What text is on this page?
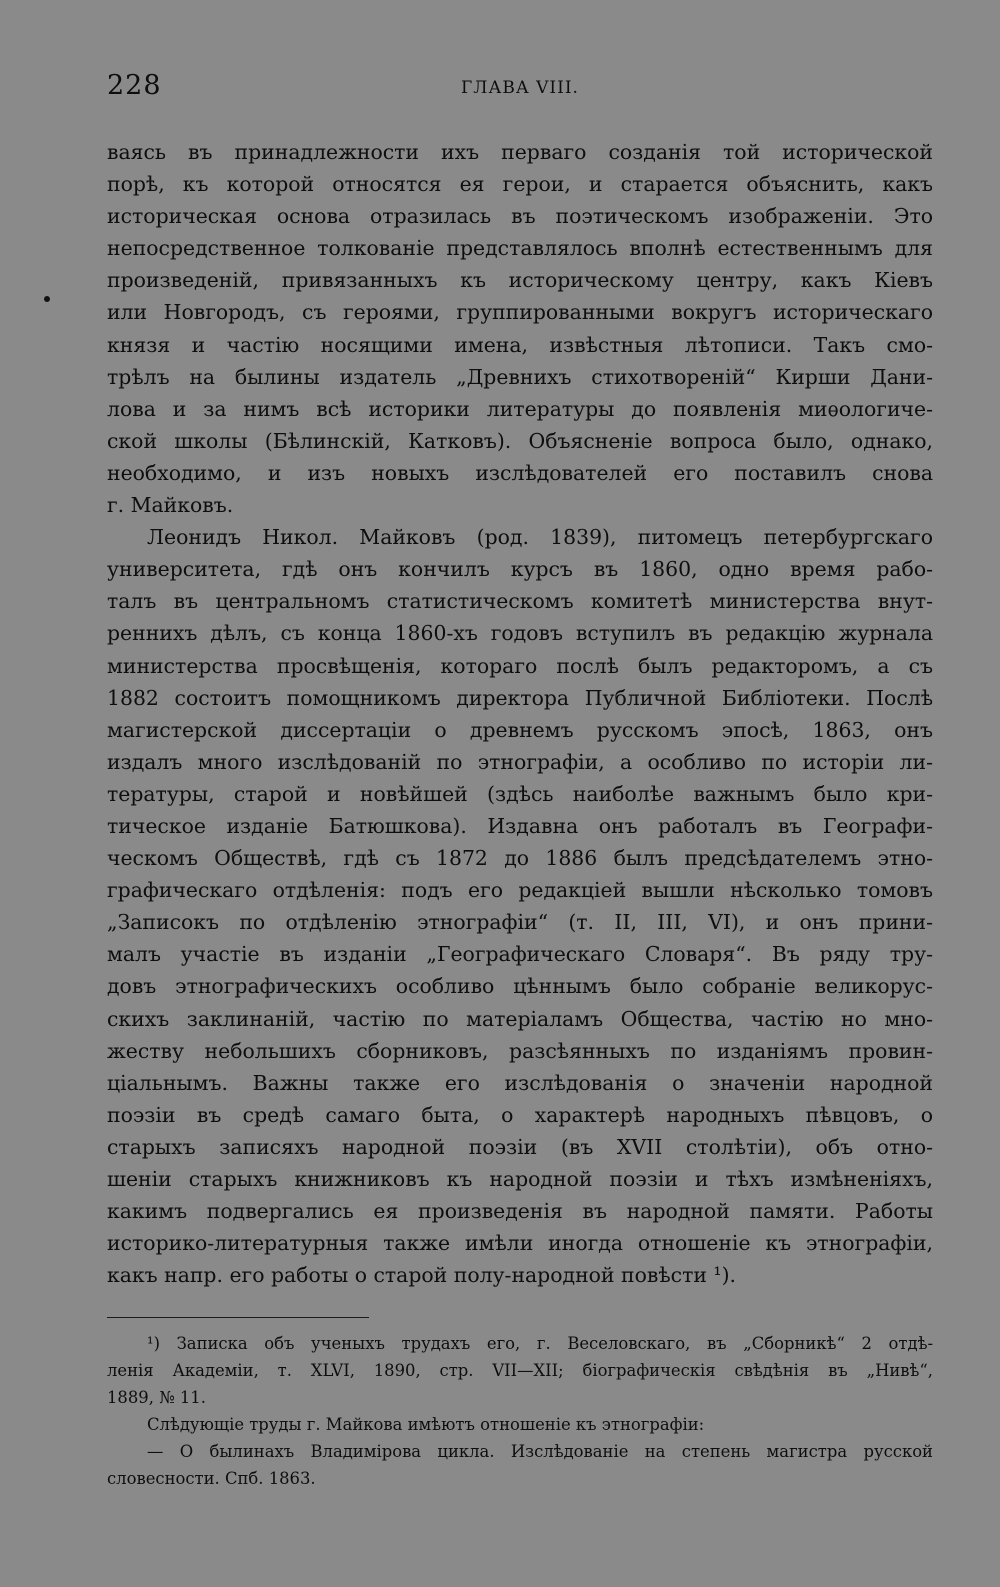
228	ГЛАВА VIII.
ваясь въ принадлежности ихъ перваго созданія той исторической
порѣ, къ которой относятся ея герои, и старается объяснить, какъ
историческая основа отразилась въ поэтическомъ изображеніи. Это
непосредственное толкованіе представлялось вполнѣ естественнымъ для
произведеній, привязанныхъ къ историческому центру, какъ Кіевъ
или Новгородъ, съ героями, группированными вокругъ историческаго
князя и частію носящими имена, извѣстныя лѣтописи. Такъ смо-
трѣлъ на былины издатель „Древнихъ стихотвореній“ Кирши Дани-
лова и за нимъ всѣ историки литературы до появленія миѳологиче-
ской школы (Бѣлинскій, Катковъ). Объясненіе вопроса было, однако,
необходимо, и изъ новыхъ изслѣдователей его поставилъ снова
г. Майковъ.
Леонидъ Никол. Майковъ (род. 1839), питомецъ петербургскаго
университета, гдѣ онъ кончилъ курсъ въ 1860, одно время рабо-
талъ въ центральномъ статистическомъ комитетѣ министерства внут-
реннихъ дѣлъ, съ конца 1860-хъ годовъ вступилъ въ редакцію журнала
министерства просвѣщенія, котораго послѣ былъ редакторомъ, а съ
1882 состоитъ помощникомъ директора Публичной Библіотеки. Послѣ
магистерской диссертаціи о древнемъ русскомъ эпосѣ, 1863, онъ
издалъ много изслѣдованій по этнографіи, а особливо по исторіи ли-
тературы, старой и новѣйшей (здѣсь наиболѣе важнымъ было кри-
тическое изданіе Батюшкова). Издавна онъ работалъ въ Географи-
ческомъ Обществѣ, гдѣ съ 1872 до 1886 былъ предсѣдателемъ этно-
графическаго отдѣленія: подъ его редакціей вышли нѣсколько томовъ
„Записокъ по отдѣленію этнографіи“ (т. II, III, VI), и онъ прини-
малъ участіе въ изданіи „Географическаго Словаря“. Въ ряду тру-
довъ этнографическихъ особливо цѣннымъ было собраніе великорус-
скихъ заклинаній, частію по матеріаламъ Общества, частію но мно-
жеству небольшихъ сборниковъ, разсѣянныхъ по изданіямъ провин-
ціальнымъ. Важны также его изслѣдованія о значеніи народной
поэзіи въ средѣ самаго быта, о характерѣ народныхъ пѣвцовъ, о
старыхъ записяхъ народной поэзіи (въ XVII столѣтіи), объ отно-
шеніи старыхъ книжниковъ къ народной поэзіи и тѣхъ измѣненіяхъ,
какимъ подвергались ея произведенія въ народной памяти. Работы
историко-литературныя также имѣли иногда отношеніе къ этнографіи,
какъ напр. его работы о старой полу-народной повѣсти ¹).
¹) Записка объ ученыхъ трудахъ его, г. Веселовскаго, въ „Сборникѣ“ 2 отдѣ-
ленія Академіи, т. XLVI, 1890, стр. VII—XII; біографическія свѣдѣнія въ „Нивѣ“,
1889, № 11.
Слѣдующіе труды г. Майкова имѣютъ отношеніе къ этнографіи:
— О былинахъ Владиміровa цикла. Изслѣдованіе на степень магистра русской
словесности. Спб. 1863.
